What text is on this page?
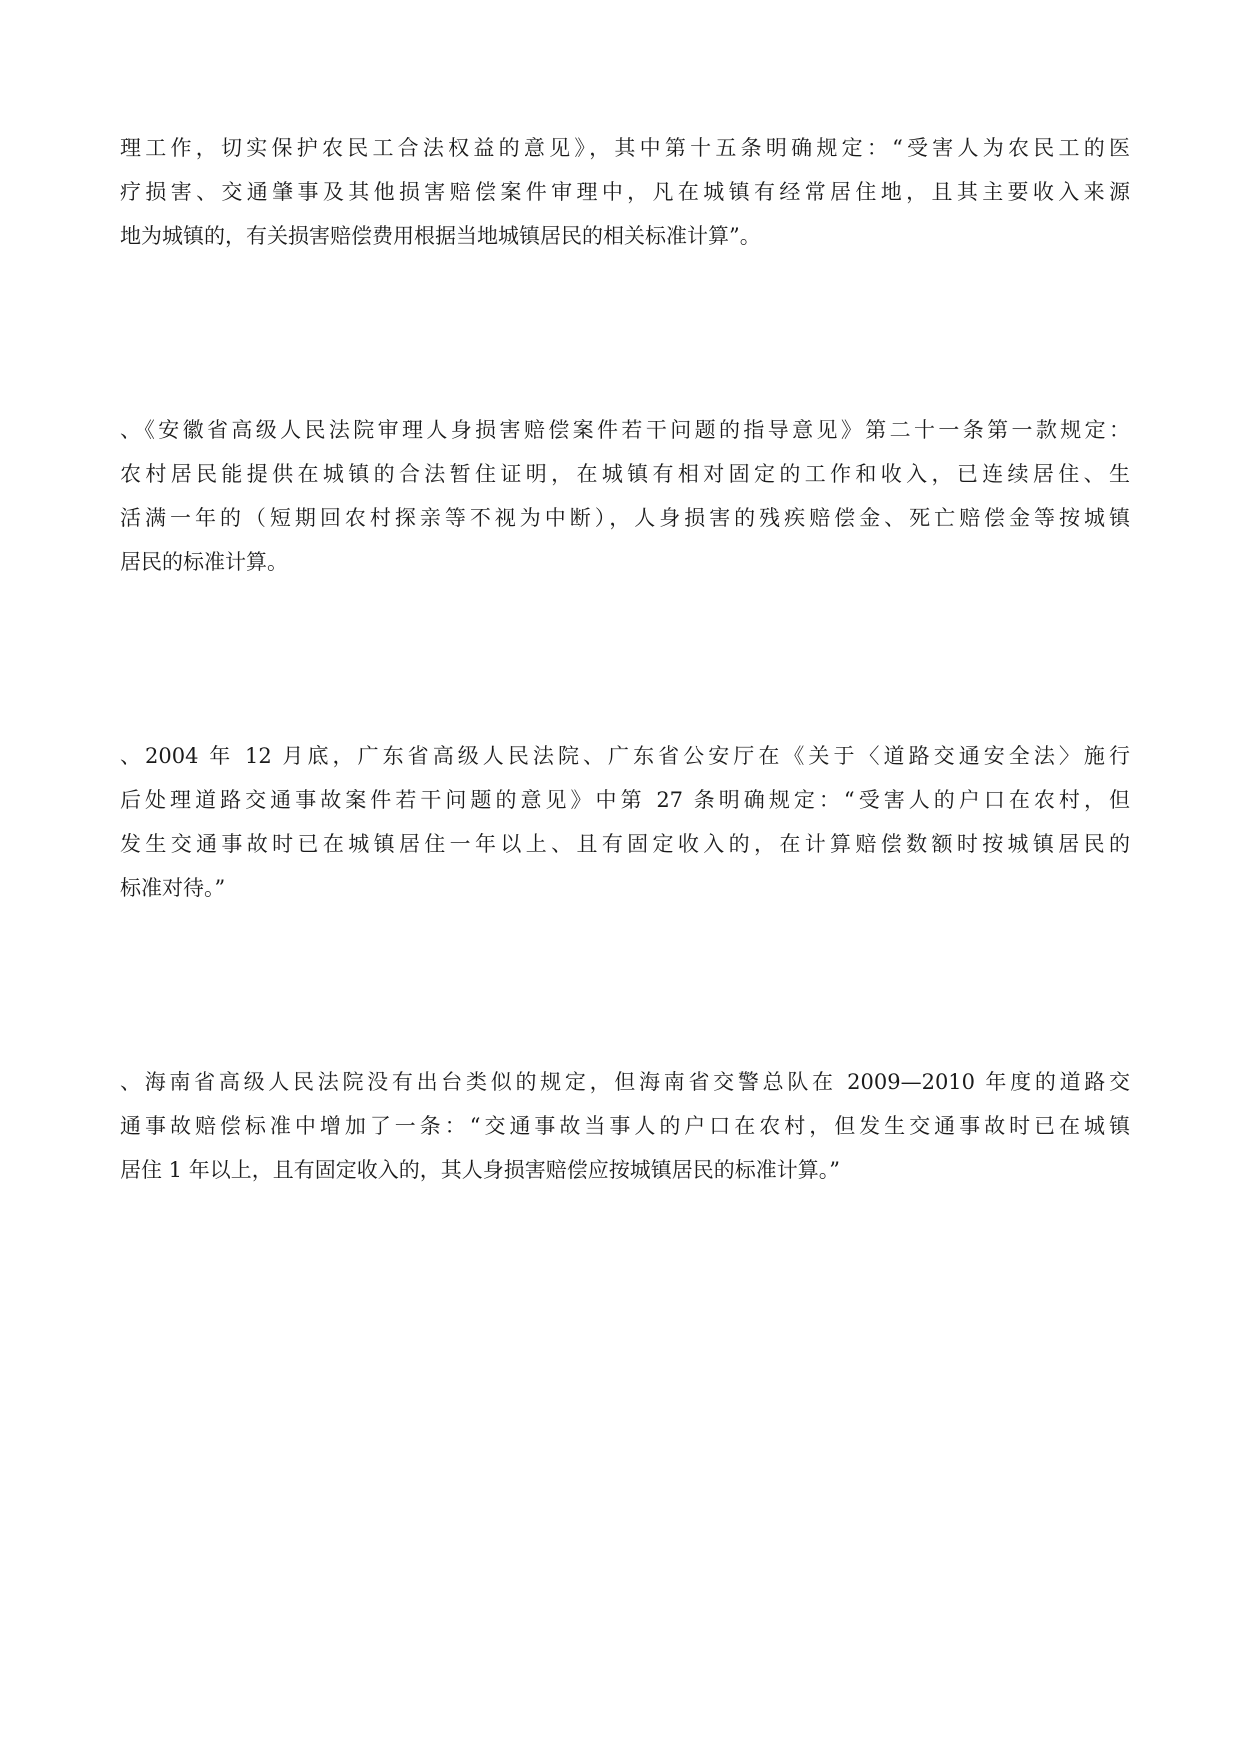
理工作，切实保护农民工合法权益的意见》，其中第十五条明确规定：“受害人为农民工的医
疗损害、交通肇事及其他损害赔偿案件审理中，凡在城镇有经常居住地，且其主要收入来源
地为城镇的，有关损害赔偿费用根据当地城镇居民的相关标准计算”。

、《安徽省高级人民法院审理人身损害赔偿案件若干问题的指导意见》第二十一条第一款规定：
农村居民能提供在城镇的合法暂住证明，在城镇有相对固定的工作和收入，已连续居住、生
活满一年的（短期回农村探亲等不视为中断），人身损害的残疾赔偿金、死亡赔偿金等按城镇
居民的标准计算。

、2004 年 12 月底，广东省高级人民法院、广东省公安厅在《关于〈道路交通安全法〉施行
后处理道路交通事故案件若干问题的意见》中第 27 条明确规定：“受害人的户口在农村，但
发生交通事故时已在城镇居住一年以上、且有固定收入的，在计算赔偿数额时按城镇居民的
标准对待。”

、海南省高级人民法院没有出台类似的规定，但海南省交警总队在 2009—2010 年度的道路交
通事故赔偿标准中增加了一条：“交通事故当事人的户口在农村，但发生交通事故时已在城镇
居住 1 年以上，且有固定收入的，其人身损害赔偿应按城镇居民的标准计算。”
